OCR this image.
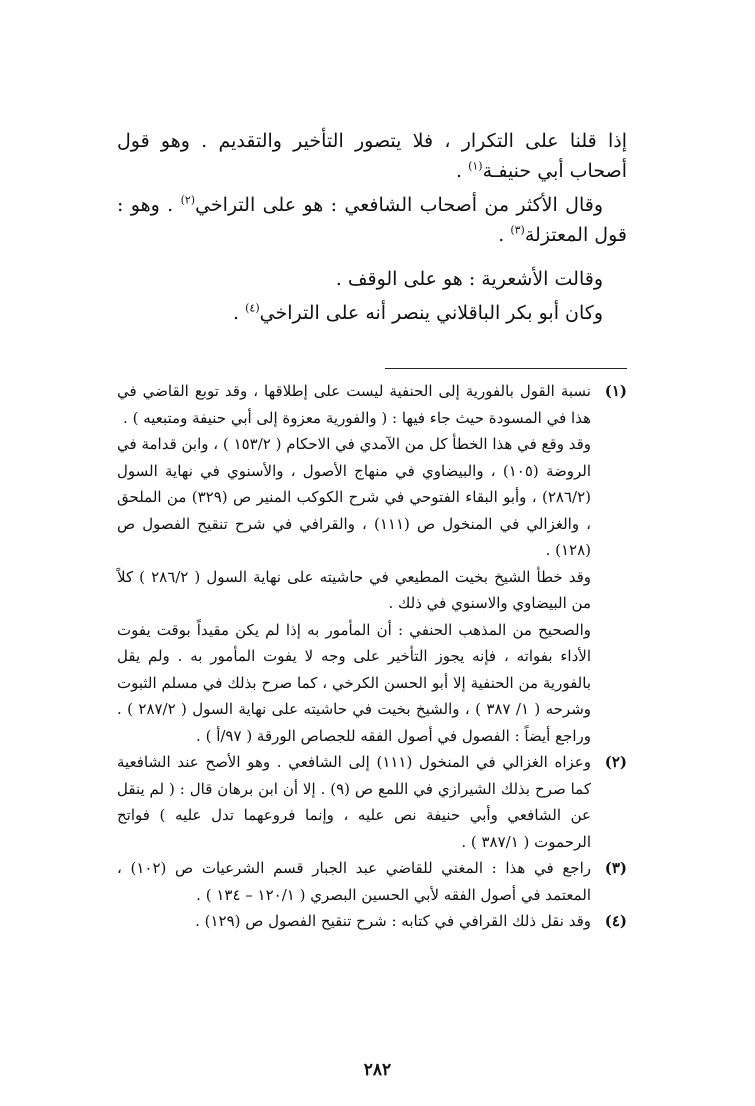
إذا قلنا على التكرار ، فلا يتصور التأخير والتقديم . وهو قول أصحاب أبي حنيفـة$^{(١)}$ .

وقال الأكثر من أصحاب الشافعي : هو على التراخي$^{(٢)}$ . وهو : قول المعتزلة$^{(٣)}$ .

وقالت الأشعرية : هو على الوقف .

وكان أبو بكر الباقلاني ينصر أنه على التراخي$^{(٤)}$ .

(١)

نسبة القول بالفورية إلى الحنفية ليست على إطلاقها ، وقد توبع القاضي في هذا في المسودة حيث جاء فيها : ( والفورية معزوة إلى أبي حنيفة ومتبعيه ) .

وقد وقع في هذا الخطأ كل من الآمدي في الاحكام ( ١٥٣/٢ ) ، وابن قدامة في الروضة (١٠٥) ، والبيضاوي في منهاج الأصول ، والأسنوي في نهاية السول (٢٨٦/٢) ، وأبو البقاء الفتوحي في شرح الكوكب المنير ص (٣٢٩) من الملحق ، والغزالي في المنخول ص (١١١) ، والقرافي في شرح تنقيح الفصول ص (١٢٨) .

وقد خطأ الشيخ بخيت المطيعي في حاشيته على نهاية السول ( ٢٨٦/٢ ) كلاً من البيضاوي والاسنوي في ذلك .

والصحيح من المذهب الحنفي : أن المأمور به إذا لم يكن مقيداً بوقت يفوت الأداء بفواته ، فإنه يجوز التأخير على وجه لا يفوت المأمور به . ولم يقل بالفورية من الحنفية إلا أبو الحسن الكرخي ، كما صرح بذلك في مسلم الثبوت وشرحه ( ١/ ٣٨٧ ) ، والشيخ بخيت في حاشيته على نهاية السول ( ٢٨٧/٢ ) . وراجع أيضاً : الفصول في أصول الفقه للجصاص الورقة ( ٩٧/أ ) .

(٢)

وعزاه الغزالي في المنخول (١١١) إلى الشافعي . وهو الأصح عند الشافعية كما صرح بذلك الشيرازي في اللمع ص (٩) . إلا أن ابن برهان قال : ( لم ينقل عن الشافعي وأبي حنيفة نص عليه ، وإنما فروعهما تدل عليه ) فواتح الرحموت ( ٣٨٧/١ ) .

(٣)

راجع في هذا : المغني للقاضي عبد الجبار قسم الشرعيات ص (١٠٢) ، المعتمد في أصول الفقه لأبي الحسين البصري ( ١٢٠/١ – ١٣٤ ) .

(٤)

وقد نقل ذلك القرافي في كتابه : شرح تنقيح الفصول ص (١٢٩) .

٢٨٢
